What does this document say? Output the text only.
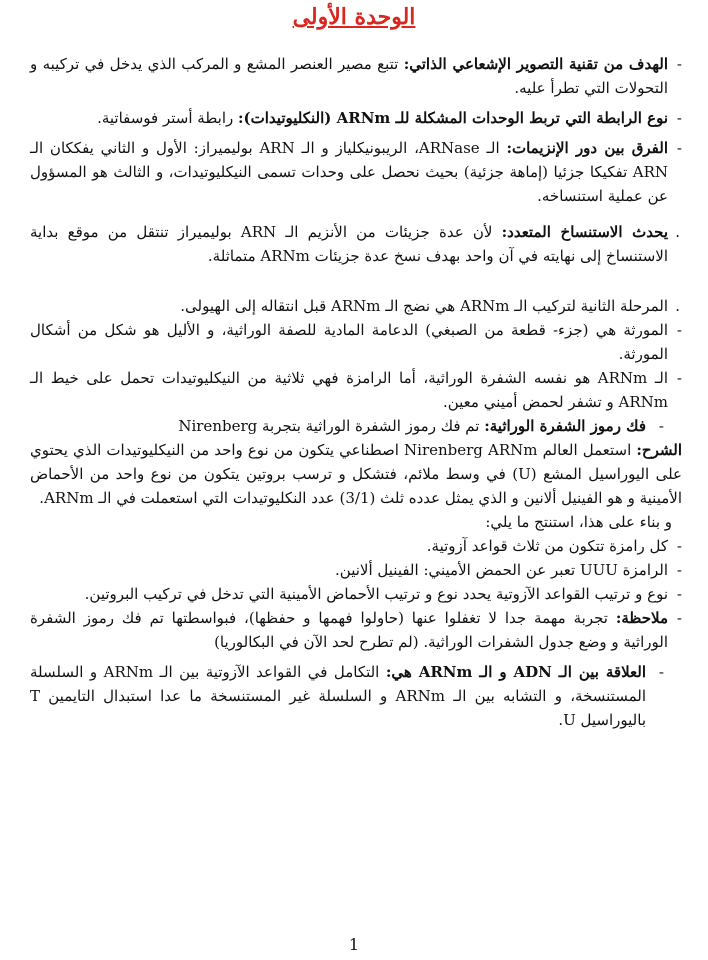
الوحدة الأولى

- الهدف من تقنية التصوير الإشعاعي الذاتي: تتبع مصير العنصر المشع و المركب الذي يدخل في تركيبه و التحولات التي تطرأ عليه.

- نوع الرابطة التي تربط الوحدات المشكلة للـ ARNm (النكليوتيدات): رابطة أستر فوسفاتية.

- الفرق بين دور الإنزيمات: الـ ARNase، الريبونيكلياز و الـ ARN بوليميراز: الأول و الثاني يفككان الـ ARN تفكيكا جزئيا (إماهة جزئية) بحيث نحصل على وحدات تسمى النيكليوتيدات، و الثالث هو المسؤول عن عملية استنساخه.

. يحدث الاستنساخ المتعدد: لأن عدة جزيئات من الأنزيم الـ ARN بوليميراز تنتقل من موقع بداية الاستنساخ إلى نهايته في آن واحد بهدف نسخ عدة جزيئات ARNm متماثلة.

. المرحلة الثانية لتركيب الـ ARNm هي نضج الـ ARNm قبل انتقاله إلى الهيولى.

- المورثة هي (جزء- قطعة من الصبغي) الدعامة المادية للصفة الوراثية، و الأليل هو شكل من أشكال المورثة.

- الـ ARNm هو نفسه الشفرة الوراثية، أما الرامزة فهي ثلاثية من النيكليوتيدات تحمل على خيط الـ ARNm و تشفر لحمض أميني معين.

- فك رموز الشفرة الوراثية: تم فك رموز الشفرة الوراثية بتجربة Nirenberg

الشرح: استعمل العالم Nirenberg ARNm اصطناعي يتكون من نوع واحد من النيكليوتيدات الذي يحتوي على اليوراسيل المشع (U) في وسط ملائم، فتشكل و ترسب بروتين يتكون من نوع واحد من الأحماض الأمينية و هو الفينيل ألانين و الذي يمثل عدده ثلث (3/1) عدد النكليوتيدات التي استعملت في الـ ARNm.

و بناء على هذا، استنتج ما يلي:

- كل رامزة تتكون من ثلاث قواعد آزوتية.

- الرامزة UUU تعبر عن الحمض الأميني: الفينيل ألانين.

- نوع و ترتيب القواعد الآزوتية يحدد نوع و ترتيب الأحماض الأمينية التي تدخل في تركيب البروتين.

- ملاحظة: تجربة مهمة جدا لا تغفلوا عنها (حاولوا فهمها و حفظها)، فبواسطتها تم فك رموز الشفرة الوراثية و وضع جدول الشفرات الوراثية. (لم تطرح لحد الآن في البكالوريا)

- العلاقة بين الـ ADN و الـ ARNm هي: التكامل في القواعد الآزوتية بين الـ ARNm و السلسلة المستنسخة، و التشابه بين الـ ARNm و السلسلة غير المستنسخة ما عدا استبدال التايمين T باليوراسيل U.

1
